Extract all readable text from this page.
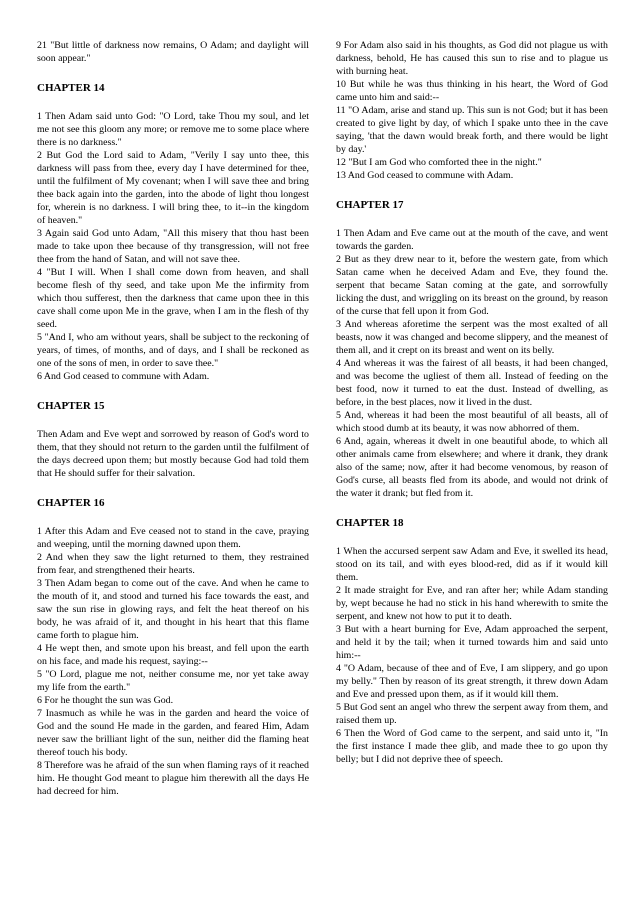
21 "But little of darkness now remains, O Adam; and daylight will soon appear."

CHAPTER 14

1 Then Adam said unto God: "O Lord, take Thou my soul, and let me not see this gloom any more; or remove me to some place where there is no darkness."

2 But God the Lord said to Adam, "Verily I say unto thee, this darkness will pass from thee, every day I have determined for thee, until the fulfilment of My covenant; when I will save thee and bring thee back again into the garden, into the abode of light thou longest for, wherein is no darkness. I will bring thee, to it--in the kingdom of heaven."

3 Again said God unto Adam, "All this misery that thou hast been made to take upon thee because of thy transgression, will not free thee from the hand of Satan, and will not save thee.

4 "But I will. When I shall come down from heaven, and shall become flesh of thy seed, and take upon Me the infirmity from which thou sufferest, then the darkness that came upon thee in this cave shall come upon Me in the grave, when I am in the flesh of thy seed.

5 "And I, who am without years, shall be subject to the reckoning of years, of times, of months, and of days, and I shall be reckoned as one of the sons of men, in order to save thee."

6 And God ceased to commune with Adam.

CHAPTER 15

Then Adam and Eve wept and sorrowed by reason of God's word to them, that they should not return to the garden until the fulfilment of the days decreed upon them; but mostly because God had told them that He should suffer for their salvation.

CHAPTER 16

1 After this Adam and Eve ceased not to stand in the cave, praying and weeping, until the morning dawned upon them.

2 And when they saw the light returned to them, they restrained from fear, and strengthened their hearts.

3 Then Adam began to come out of the cave. And when he came to the mouth of it, and stood and turned his face towards the east, and saw the sun rise in glowing rays, and felt the heat thereof on his body, he was afraid of it, and thought in his heart that this flame came forth to plague him.

4 He wept then, and smote upon his breast, and fell upon the earth on his face, and made his request, saying:--

5 "O Lord, plague me not, neither consume me, nor yet take away my life from the earth."

6 For he thought the sun was God.

7 Inasmuch as while he was in the garden and heard the voice of God and the sound He made in the garden, and feared Him, Adam never saw the brilliant light of the sun, neither did the flaming heat thereof touch his body.

8 Therefore was he afraid of the sun when flaming rays of it reached him. He thought God meant to plague him therewith all the days He had decreed for him.

9 For Adam also said in his thoughts, as God did not plague us with darkness, behold, He has caused this sun to rise and to plague us with burning heat.

10 But while he was thus thinking in his heart, the Word of God came unto him and said:--

11 "O Adam, arise and stand up. This sun is not God; but it has been created to give light by day, of which I spake unto thee in the cave saying, 'that the dawn would break forth, and there would be light by day.'

12 "But I am God who comforted thee in the night."

13 And God ceased to commune with Adam.

CHAPTER 17

1 Then Adam and Eve came out at the mouth of the cave, and went towards the garden.

2 But as they drew near to it, before the western gate, from which Satan came when he deceived Adam and Eve, they found the. serpent that became Satan coming at the gate, and sorrowfully licking the dust, and wriggling on its breast on the ground, by reason of the curse that fell upon it from God.

3 And whereas aforetime the serpent was the most exalted of all beasts, now it was changed and become slippery, and the meanest of them all, and it crept on its breast and went on its belly.

4 And whereas it was the fairest of all beasts, it had been changed, and was become the ugliest of them all. Instead of feeding on the best food, now it turned to eat the dust. Instead of dwelling, as before, in the best places, now it lived in the dust.

5 And, whereas it had been the most beautiful of all beasts, all of which stood dumb at its beauty, it was now abhorred of them.

6 And, again, whereas it dwelt in one beautiful abode, to which all other animals came from elsewhere; and where it drank, they drank also of the same; now, after it had become venomous, by reason of God's curse, all beasts fled from its abode, and would not drink of the water it drank; but fled from it.

CHAPTER 18

1 When the accursed serpent saw Adam and Eve, it swelled its head, stood on its tail, and with eyes blood-red, did as if it would kill them.

2 It made straight for Eve, and ran after her; while Adam standing by, wept because he had no stick in his hand wherewith to smite the serpent, and knew not how to put it to death.

3 But with a heart burning for Eve, Adam approached the serpent, and held it by the tail; when it turned towards him and said unto him:--

4 "O Adam, because of thee and of Eve, I am slippery, and go upon my belly." Then by reason of its great strength, it threw down Adam and Eve and pressed upon them, as if it would kill them.

5 But God sent an angel who threw the serpent away from them, and raised them up.

6 Then the Word of God came to the serpent, and said unto it, "In the first instance I made thee glib, and made thee to go upon thy belly; but I did not deprive thee of speech.
